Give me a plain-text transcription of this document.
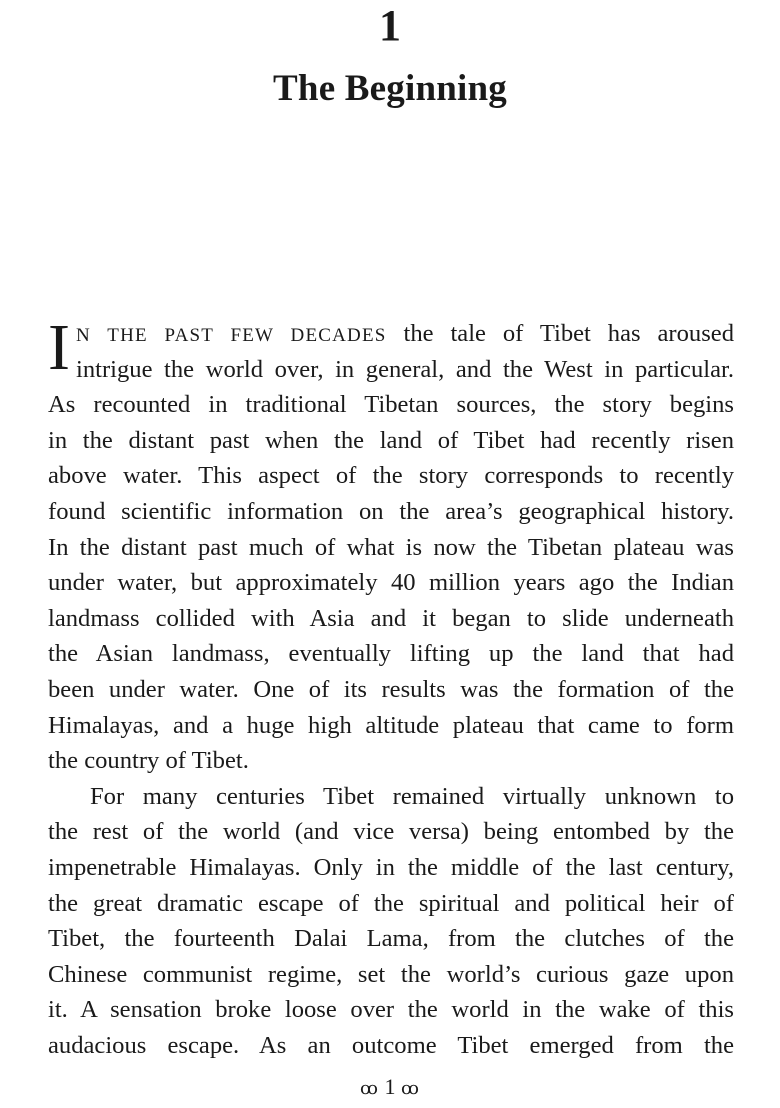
1
The Beginning
I N THE PAST FEW DECADES the tale of Tibet has aroused
intrigue the world over, in general, and the West in particular.
As recounted in traditional Tibetan sources, the story begins
in the distant past when the land of Tibet had recently risen
above water. This aspect of the story corresponds to recently
found scientific information on the area’s geographical history.
In the distant past much of what is now the Tibetan plateau was
under water, but approximately 40 million years ago the Indian
landmass collided with Asia and it began to slide underneath
the Asian landmass, eventually lifting up the land that had
been under water. One of its results was the formation of the
Himalayas, and a huge high altitude plateau that came to form
the country of Tibet.
For many centuries Tibet remained virtually unknown to
the rest of the world (and vice versa) being entombed by the
impenetrable Himalayas. Only in the middle of the last century,
the great dramatic escape of the spiritual and political heir of
Tibet, the fourteenth Dalai Lama, from the clutches of the
Chinese communist regime, set the world’s curious gaze upon
it. A sensation broke loose over the world in the wake of this
audacious escape. As an outcome Tibet emerged from the
ꝏ 1 ꝏ
